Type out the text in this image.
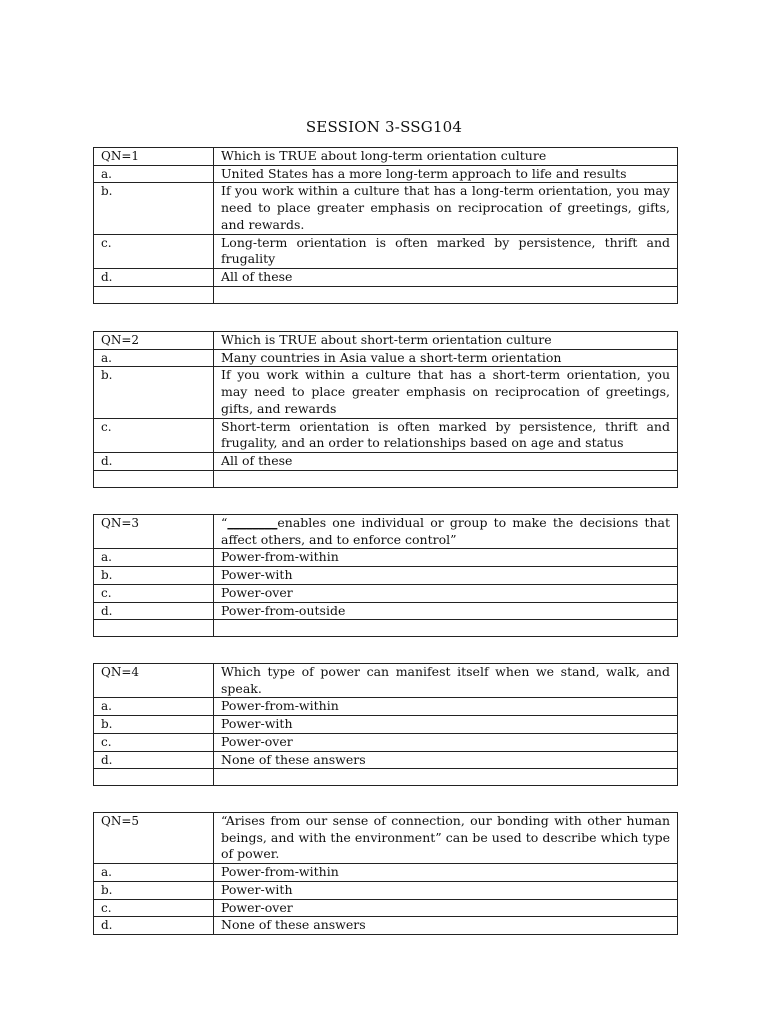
SESSION 3-SSG104
QN=1	Which is TRUE about long-term orientation culture
a.	United States has a more long-term approach to life and results
b.	If you work within a culture that has a long-term orientation, you may need to place greater emphasis on reciprocation of greetings, gifts, and rewards.
c.	Long-term orientation is often marked by persistence, thrift and frugality
d.	All of these

QN=2	Which is TRUE about short-term orientation culture
a.	Many countries in Asia value a short-term orientation
b.	If you work within a culture that has a short-term orientation, you may need to place greater emphasis on reciprocation of greetings, gifts, and rewards
c.	Short-term orientation is often marked by persistence, thrift and frugality, and an order to relationships based on age and status
d.	All of these

QN=3	“________enables one individual or group to make the decisions that affect others, and to enforce control”
a.	Power-from-within
b.	Power-with
c.	Power-over
d.	Power-from-outside

QN=4	Which type of power can manifest itself when we stand, walk, and speak.
a.	Power-from-within
b.	Power-with
c.	Power-over
d.	None of these answers

QN=5	“Arises from our sense of connection, our bonding with other human beings, and with the environment” can be used to describe which type of power.
a.	Power-from-within
b.	Power-with
c.	Power-over
d.	None of these answers
